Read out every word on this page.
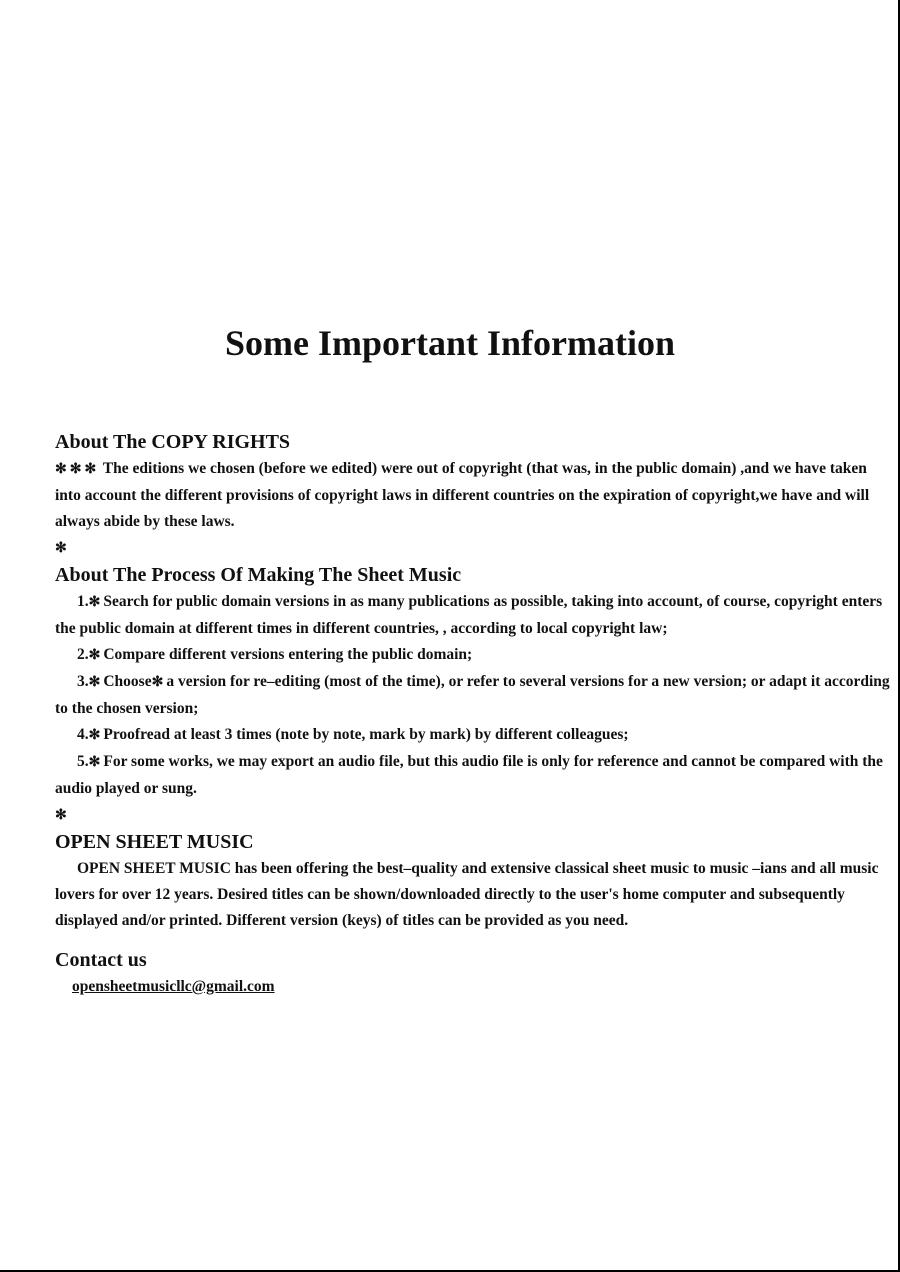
Some Important Information
About The COPY RIGHTS

✻ ✻ ✻ The editions we chosen (before we edited) were out of copyright (that was, in the public domain) ,and we have taken into account the different provisions of copyright laws in different countries on the expiration of copyright,we have and will always abide by these laws.

✻
About The Process Of Making The Sheet Music

1.✻ Search for public domain versions in as many publications as possible, taking into account, of course, copyright enters the public domain at different times in different countries, , according to local copyright law;

2.✻ Compare different versions entering the public domain;

3.✻ Choose✻ a version for re–editing (most of the time), or refer to several versions for a new version; or adapt it according to the chosen version;

4.✻ Proofread at least 3 times (note by note, mark by mark) by different colleagues;

5.✻ For some works, we may export an audio file, but this audio file is only for reference and cannot be compared with the audio played or sung.

✻
OPEN SHEET MUSIC

OPEN SHEET MUSIC has been offering the best–quality and extensive classical sheet music to music –ians and all music lovers for over 12 years. Desired titles can be shown/downloaded directly to the user's home computer and subsequently displayed and/or printed. Different version (keys) of titles can be provided as you need.

Contact us

opensheetmusicllc@gmail.com
